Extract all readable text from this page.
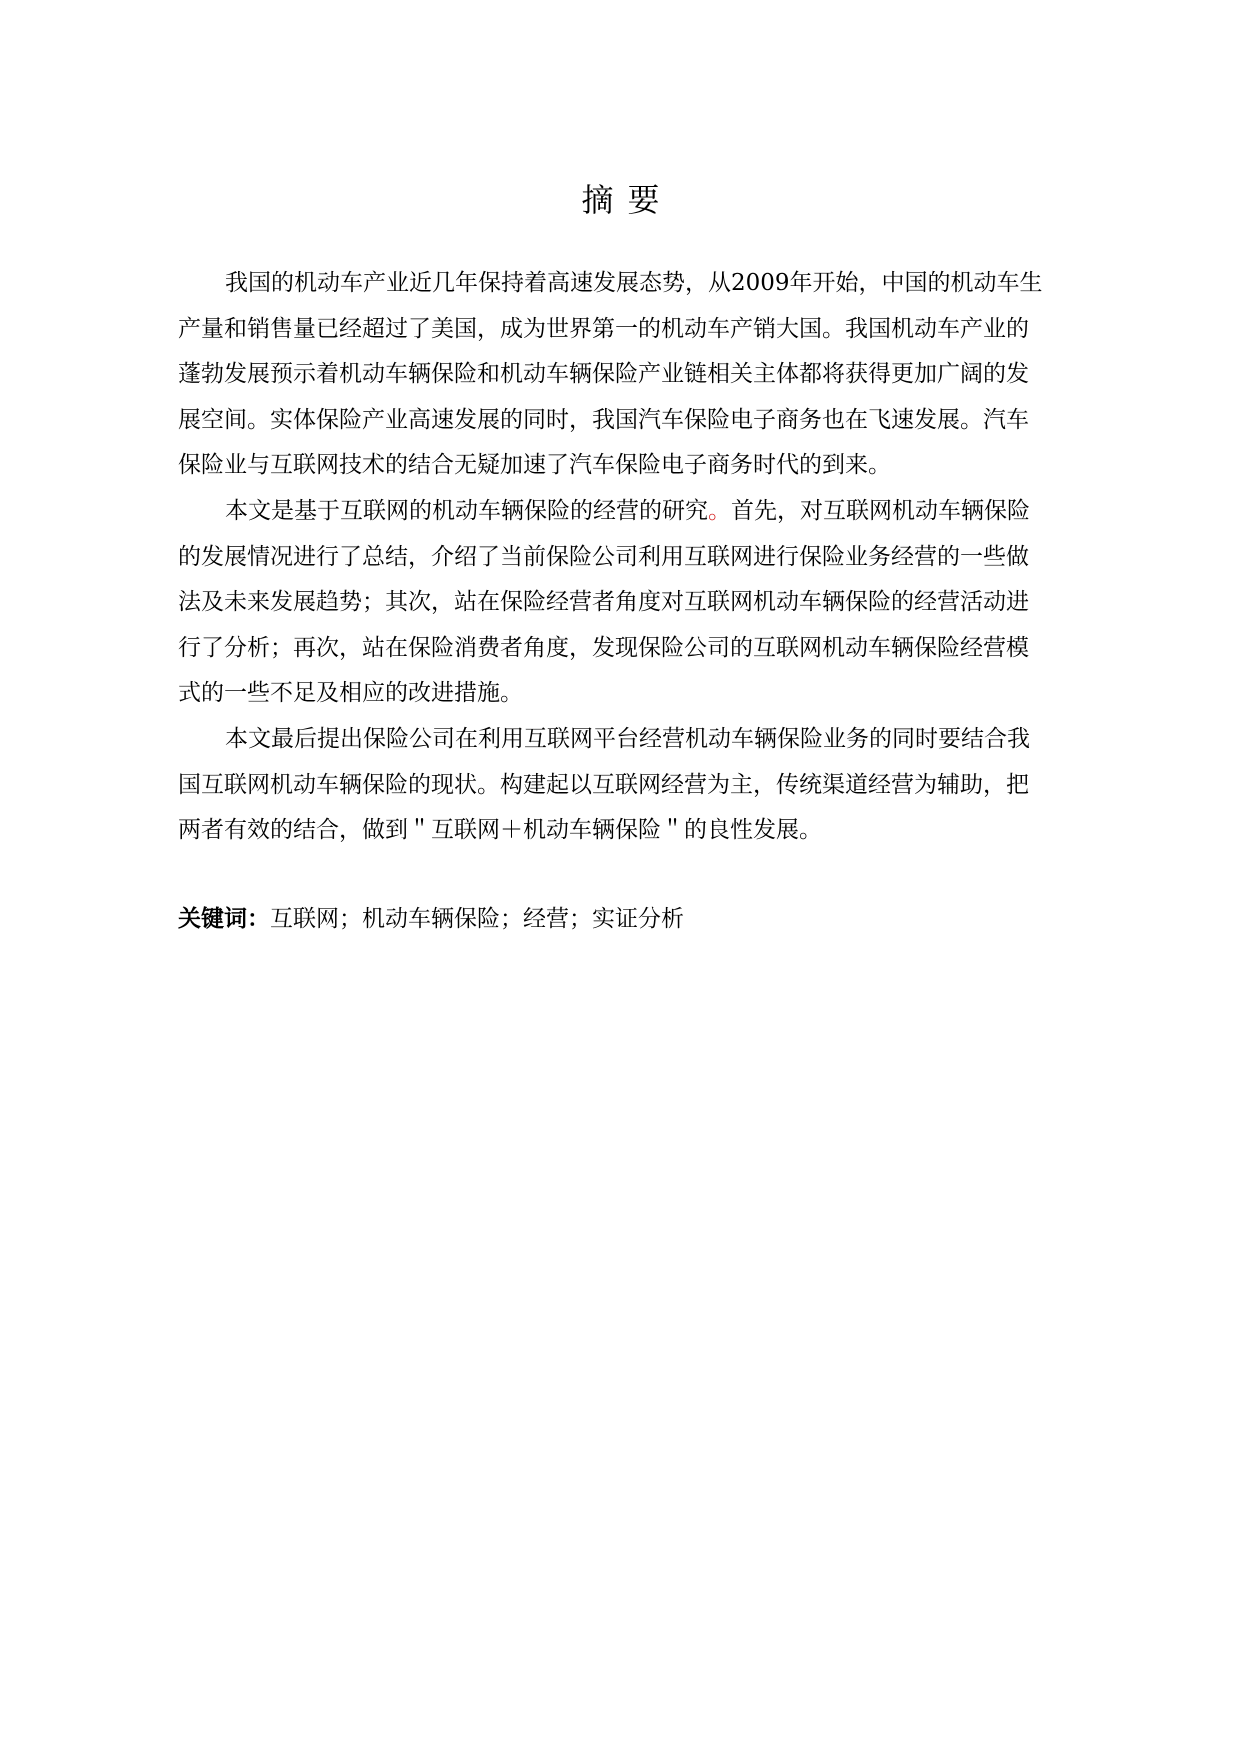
摘要
我国的机动车产业近几年保持着高速发展态势，从2009年开始，中国的机动车生
产量和销售量已经超过了美国，成为世界第一的机动车产销大国。我国机动车产业的
蓬勃发展预示着机动车辆保险和机动车辆保险产业链相关主体都将获得更加广阔的发
展空间。实体保险产业高速发展的同时，我国汽车保险电子商务也在飞速发展。汽车
保险业与互联网技术的结合无疑加速了汽车保险电子商务时代的到来。
本文是基于互联网的机动车辆保险的经营的研究。首先，对互联网机动车辆保险
的发展情况进行了总结，介绍了当前保险公司利用互联网进行保险业务经营的一些做
法及未来发展趋势；其次，站在保险经营者角度对互联网机动车辆保险的经营活动进
行了分析；再次，站在保险消费者角度，发现保险公司的互联网机动车辆保险经营模
式的一些不足及相应的改进措施。
本文最后提出保险公司在利用互联网平台经营机动车辆保险业务的同时要结合我
国互联网机动车辆保险的现状。构建起以互联网经营为主，传统渠道经营为辅助，把
两者有效的结合，做到＂互联网＋机动车辆保险＂的良性发展。
关键词：互联网；机动车辆保险；经营；实证分析
